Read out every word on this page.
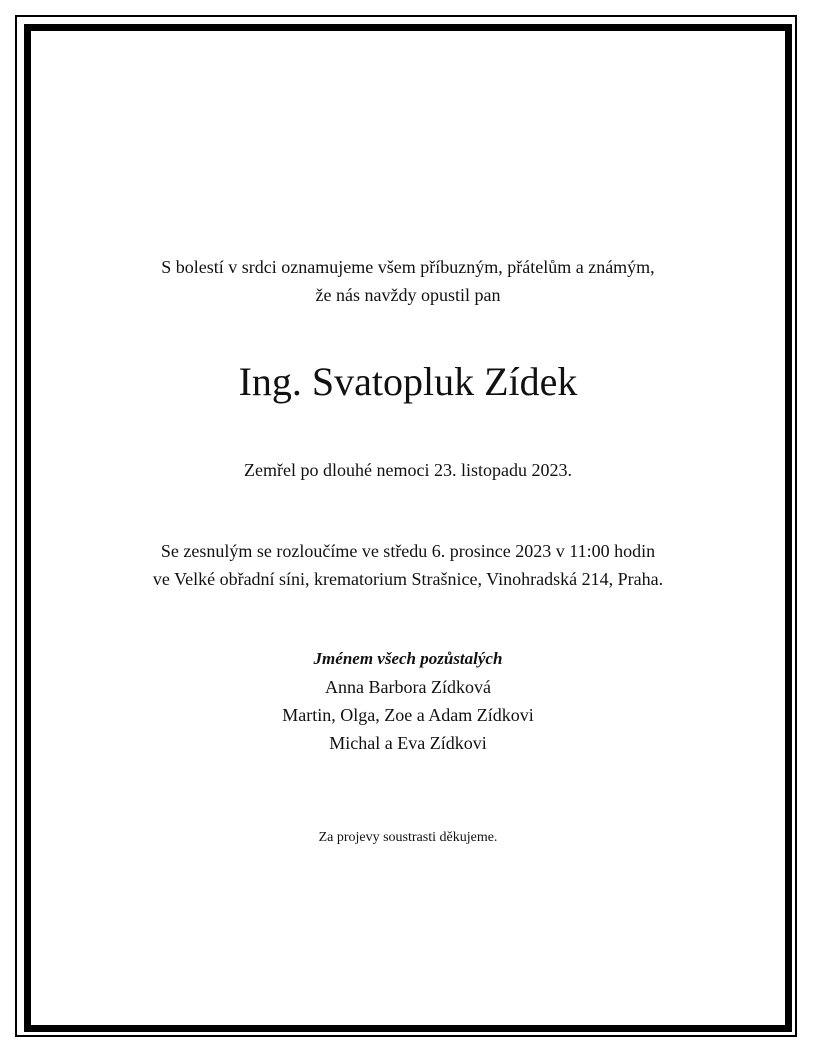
S bolestí v srdci oznamujeme všem příbuzným, přátelům a známým,
že nás navždy opustil pan
Ing. Svatopluk Zídek
Zemřel po dlouhé nemoci 23. listopadu 2023.
Se zesnulým se rozloučíme ve středu 6. prosince 2023 v 11:00 hodin
ve Velké obřadní síni, krematorium Strašnice, Vinohradská 214, Praha.
Jménem všech pozůstalých
Anna Barbora Zídková
Martin, Olga, Zoe a Adam Zídkovi
Michal a Eva Zídkovi
Za projevy soustrasti děkujeme.
